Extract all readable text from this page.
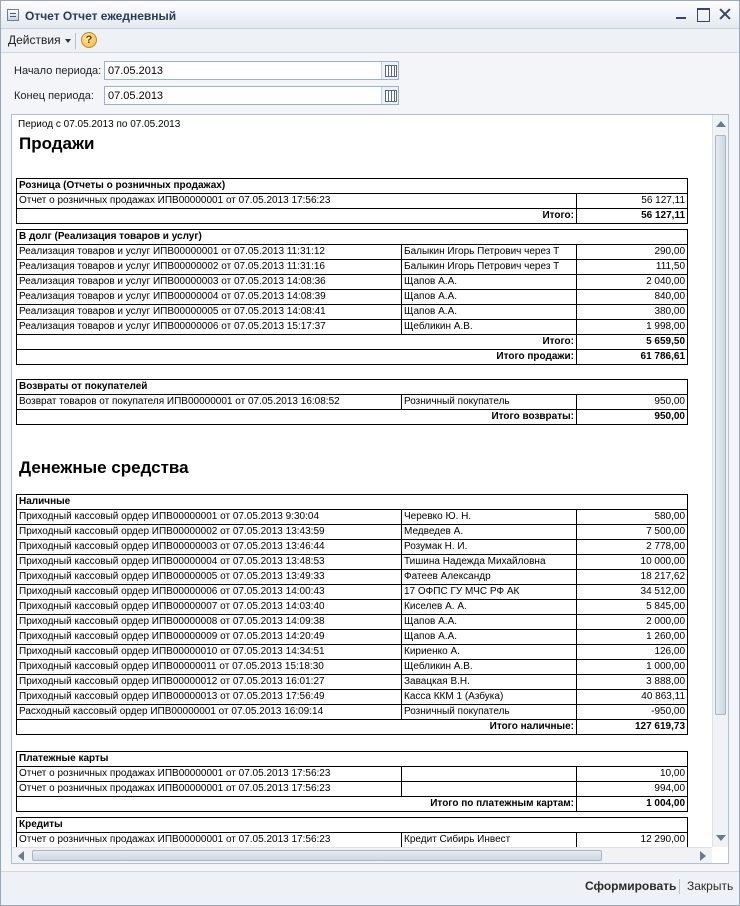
Отчет Отчет ежедневный
Действия	?
Начало периода:
07.05.2013
Конец периода:
07.05.2013
Период с 07.05.2013 по 07.05.2013
Продажи
Розница (Отчеты о розничных продажах)	
Отчет о розничных продажах ИПВ00000001 от 07.05.2013 17:56:23	56 127,11
Итого:	56 127,11
В долг (Реализация товаров и услуг)		
Реализация товаров и услуг ИПВ00000001 от 07.05.2013 11:31:12	Балыкин Игорь Петрович через Т	290,00
Реализация товаров и услуг ИПВ00000002 от 07.05.2013 11:31:16	Балыкин Игорь Петрович через Т	111,50
Реализация товаров и услуг ИПВ00000003 от 07.05.2013 14:08:36	Щапов А.А.	2 040,00
Реализация товаров и услуг ИПВ00000004 от 07.05.2013 14:08:39	Щапов А.А.	840,00
Реализация товаров и услуг ИПВ00000005 от 07.05.2013 14:08:41	Щапов А.А.	380,00
Реализация товаров и услуг ИПВ00000006 от 07.05.2013 15:17:37	Щебликин А.В.	1 998,00
Итого:		5 659,50
Итого продажи:		61 786,61
Возвраты от покупателей		
Возврат товаров от покупателя ИПВ00000001 от 07.05.2013 16:08:52	Розничный покупатель	950,00
Итого возвраты:		950,00
Денежные средства
Наличные		
Приходный кассовый ордер ИПВ00000001 от 07.05.2013 9:30:04	Черевко Ю. Н.	580,00
Приходный кассовый ордер ИПВ00000002 от 07.05.2013 13:43:59	Медведев А.	7 500,00
Приходный кассовый ордер ИПВ00000003 от 07.05.2013 13:46:44	Розумак Н. И.	2 778,00
Приходный кассовый ордер ИПВ00000004 от 07.05.2013 13:48:53	Тишина Надежда Михайловна	10 000,00
Приходный кассовый ордер ИПВ00000005 от 07.05.2013 13:49:33	Фатеев Александр	18 217,62
Приходный кассовый ордер ИПВ00000006 от 07.05.2013 14:00:43	17 ОФПС ГУ МЧС РФ АК	34 512,00
Приходный кассовый ордер ИПВ00000007 от 07.05.2013 14:03:40	Киселев А. А.	5 845,00
Приходный кассовый ордер ИПВ00000008 от 07.05.2013 14:09:38	Щапов А.А.	2 000,00
Приходный кассовый ордер ИПВ00000009 от 07.05.2013 14:20:49	Щапов А.А.	1 260,00
Приходный кассовый ордер ИПВ00000010 от 07.05.2013 14:34:51	Кириенко А.	126,00
Приходный кассовый ордер ИПВ00000011 от 07.05.2013 15:18:30	Щебликин А.В.	1 000,00
Приходный кассовый ордер ИПВ00000012 от 07.05.2013 16:01:27	Завацкая В.Н.	3 888,00
Приходный кассовый ордер ИПВ00000013 от 07.05.2013 17:56:49	Касса ККМ 1 (Азбука)	40 863,11
Расходный кассовый ордер ИПВ00000001 от 07.05.2013 16:09:14	Розничный покупатель	-950,00
Итого наличные:		127 619,73
Платежные карты		
Отчет о розничных продажах ИПВ00000001 от 07.05.2013 17:56:23		10,00
Отчет о розничных продажах ИПВ00000001 от 07.05.2013 17:56:23		994,00
Итого по платежным картам:		1 004,00
Кредиты
Отчет о розничных продажах ИПВ00000001 от 07.05.2013 17:56:23	Кредит Сибирь Инвест	12 290,00
Сформировать Закрыть
